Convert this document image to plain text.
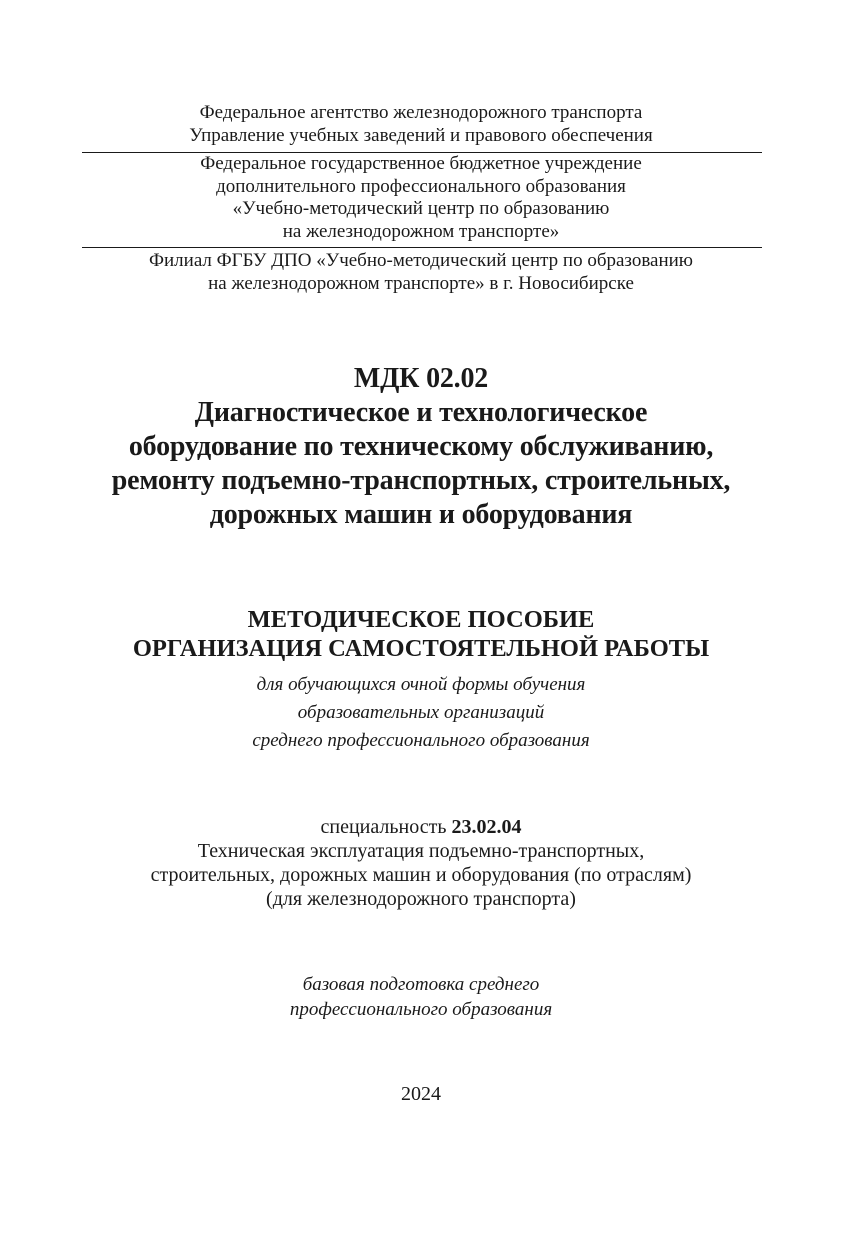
Федеральное агентство железнодорожного транспорта
Управление учебных заведений и правового обеспечения
Федеральное государственное бюджетное учреждение
дополнительного профессионального образования
«Учебно-методический центр по образованию
на железнодорожном транспорте»
Филиал ФГБУ ДПО «Учебно-методический центр по образованию
на железнодорожном транспорте» в г. Новосибирске
МДК 02.02
Диагностическое и технологическое
оборудование по техническому обслуживанию,
ремонту подъемно-транспортных, строительных,
дорожных машин и оборудования
МЕТОДИЧЕСКОЕ ПОСОБИЕ
ОРГАНИЗАЦИЯ САМОСТОЯТЕЛЬНОЙ РАБОТЫ
для обучающихся очной формы обучения
образовательных организаций
среднего профессионального образования
специальность 23.02.04
Техническая эксплуатация подъемно-транспортных,
строительных, дорожных машин и оборудования (по отраслям)
(для железнодорожного транспорта)
базовая подготовка среднего
профессионального образования
2024
